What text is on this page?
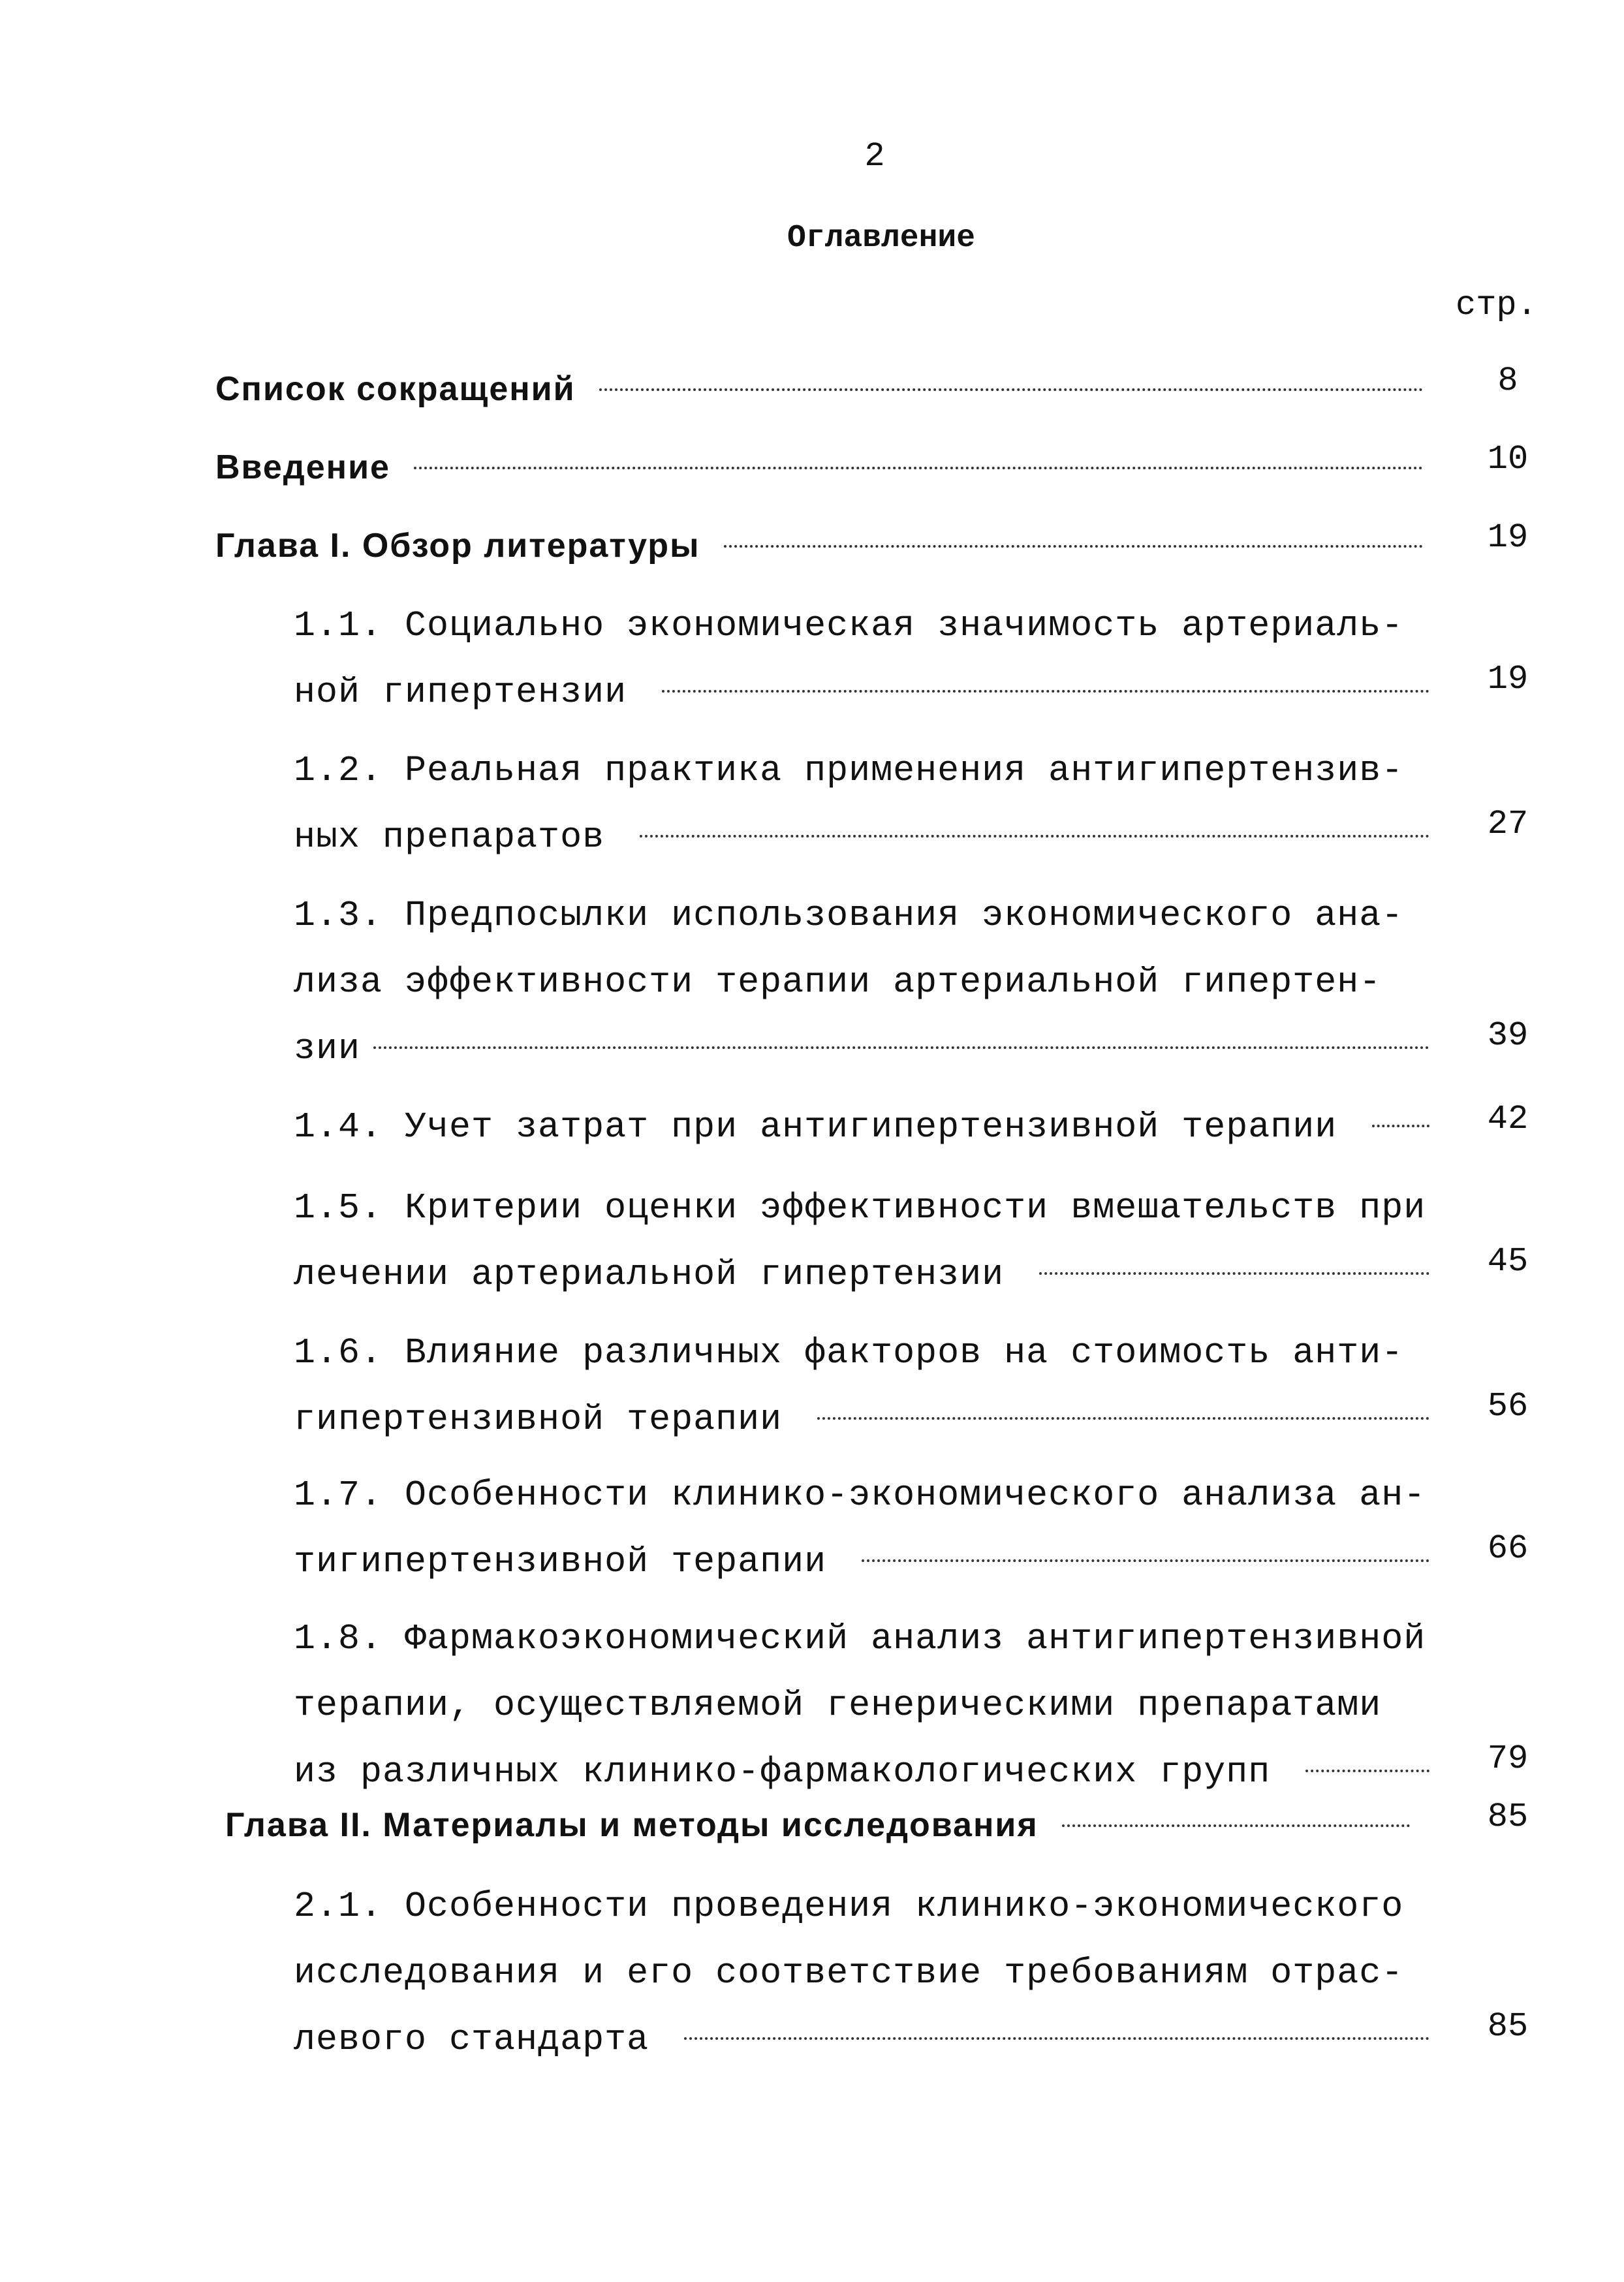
2
Оглавление
стр.
Список сокращений	8
Введение	10
Глава I. Обзор литературы	19
1.1. Социально экономическая значимость артериаль-
ной гипертензии	19
1.2. Реальная практика применения антигипертензив-
ных препаратов	27
1.3. Предпосылки использования экономического ана-
лиза эффективности терапии артериальной гипертен-
зии	39
1.4. Учет затрат при антигипертензивной терапии	42
1.5. Критерии оценки эффективности вмешательств при
лечении артериальной гипертензии	45
1.6. Влияние различных факторов на стоимость анти-
гипертензивной терапии	56
1.7. Особенности клинико-экономического анализа ан-
тигипертензивной терапии	66
1.8. Фармакоэкономический анализ антигипертензивной
терапии, осуществляемой генерическими препаратами
из различных клинико-фармакологических групп	79
Глава II. Материалы и методы исследования	85
2.1. Особенности проведения клинико-экономического
исследования и его соответствие требованиям отрас-
левого стандарта	85
